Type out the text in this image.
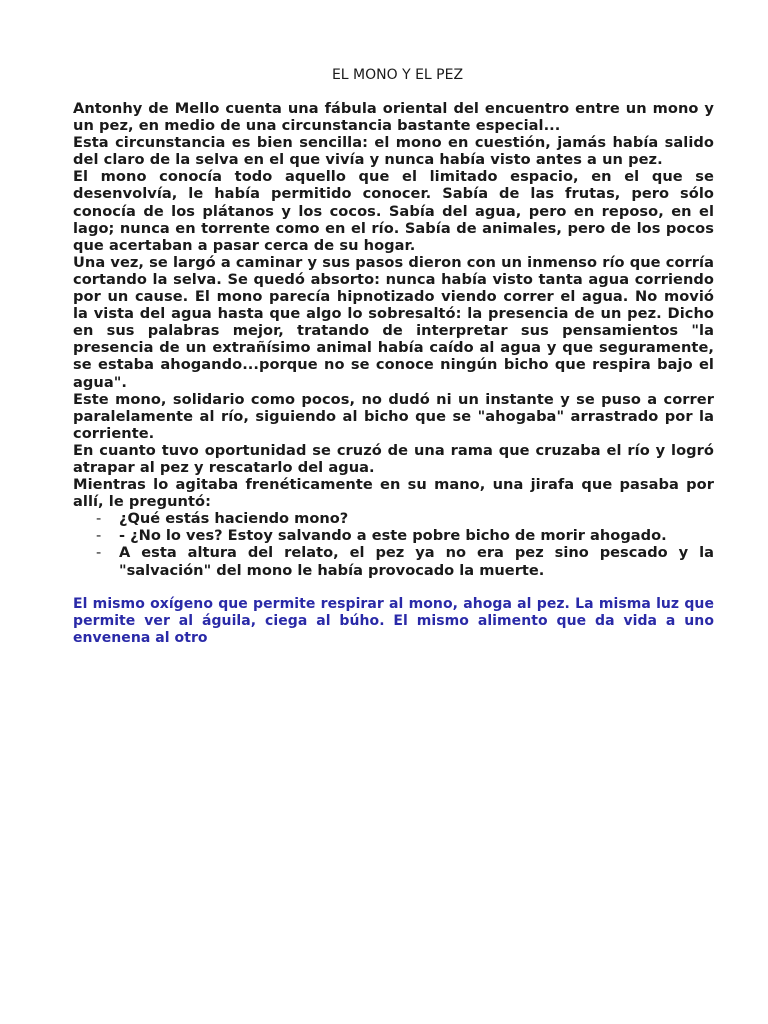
EL MONO Y EL PEZ

Antonhy de Mello cuenta una fábula oriental del encuentro entre un mono y un pez, en medio de una circunstancia bastante especial...

Esta circunstancia es bien sencilla: el mono en cuestión, jamás había salido del claro de la selva en el que vivía y nunca había visto antes a un pez.

El mono conocía todo aquello que el limitado espacio, en el que se desenvolvía, le había permitido conocer. Sabía de las frutas, pero sólo conocía de los plátanos y los cocos. Sabía del agua, pero en reposo, en el lago; nunca en torrente como en el río. Sabía de animales, pero de los pocos que acertaban a pasar cerca de su hogar.

Una vez, se largó a caminar y sus pasos dieron con un inmenso río que corría cortando la selva. Se quedó absorto: nunca había visto tanta agua corriendo por un cause. El mono parecía hipnotizado viendo correr el agua. No movió la vista del agua hasta que algo lo sobresaltó: la presencia de un pez. Dicho en sus palabras mejor, tratando de interpretar sus pensamientos "la presencia de un extrañísimo animal había caído al agua y que seguramente, se estaba ahogando...porque no se conoce ningún bicho que respira bajo el agua".

Este mono, solidario como pocos, no dudó ni un instante y se puso a correr paralelamente al río, siguiendo al bicho que se "ahogaba" arrastrado por la corriente.

En cuanto tuvo oportunidad se cruzó de una rama que cruzaba el río y logró atrapar al pez y rescatarlo del agua.

Mientras lo agitaba frenéticamente en su mano, una jirafa que pasaba por allí, le preguntó:

- ¿Qué estás haciendo mono?
- - ¿No lo ves? Estoy salvando a este pobre bicho de morir ahogado.
- A esta altura del relato, el pez ya no era pez sino pescado y la "salvación" del mono le había provocado la muerte.

El mismo oxígeno que permite respirar al mono, ahoga al pez. La misma luz que permite ver al águila, ciega al búho. El mismo alimento que da vida a uno envenena al otro
